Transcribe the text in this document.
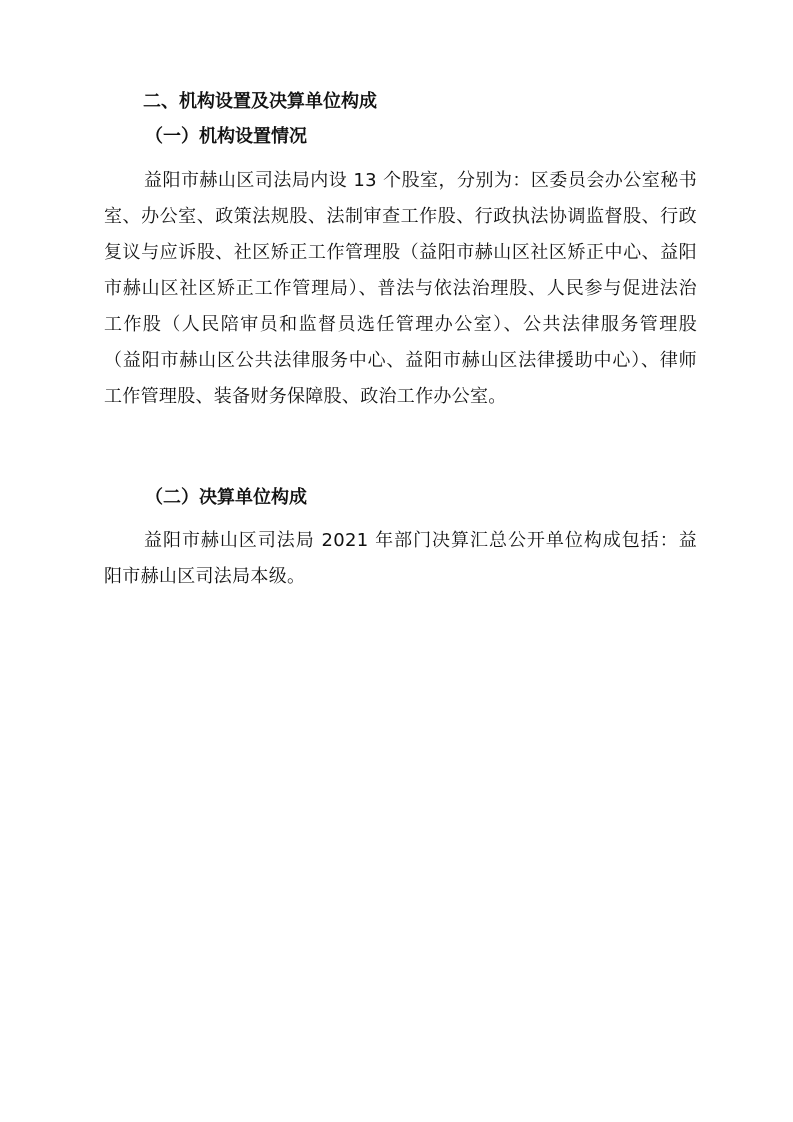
二、机构设置及决算单位构成
（一）机构设置情况
益阳市赫山区司法局内设 13 个股室，分别为：区委员会办公室秘书室、办公室、政策法规股、法制审查工作股、行政执法协调监督股、行政复议与应诉股、社区矫正工作管理股（益阳市赫山区社区矫正中心、益阳市赫山区社区矫正工作管理局）、普法与依法治理股、人民参与促进法治工作股（人民陪审员和监督员选任管理办公室）、公共法律服务管理股（益阳市赫山区公共法律服务中心、益阳市赫山区法律援助中心）、律师工作管理股、装备财务保障股、政治工作办公室。
（二）决算单位构成
益阳市赫山区司法局 2021 年部门决算汇总公开单位构成包括：益阳市赫山区司法局本级。
